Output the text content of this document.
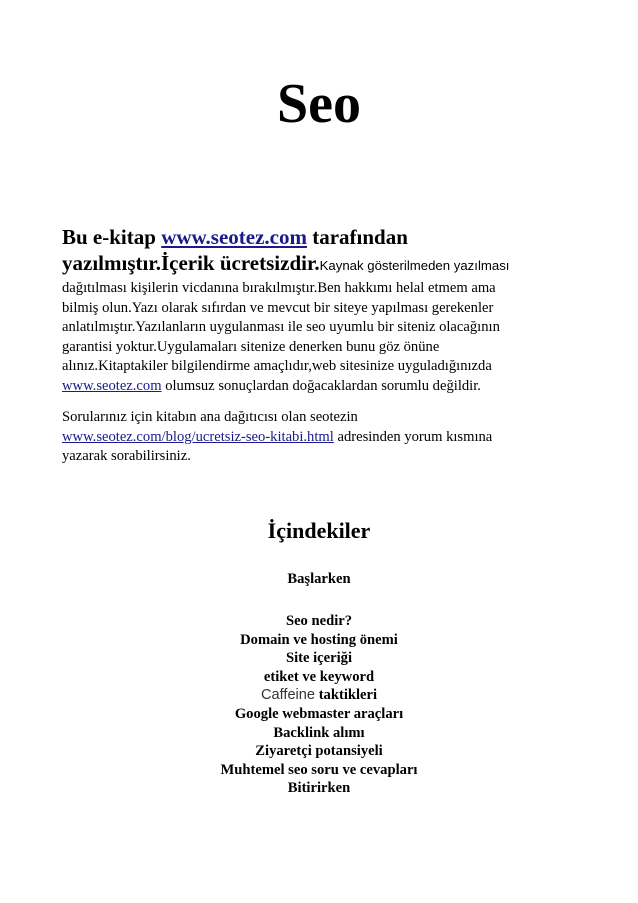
Seo
Bu e-kitap www.seotez.com tarafından
yazılmıştır.İçerik ücretsizdir.Kaynak gösterilmeden yazılması
dağıtılması kişilerin vicdanına bırakılmıştır.Ben hakkımı helal etmem ama
bilmiş olun.Yazı olarak sıfırdan ve mevcut bir siteye yapılması gerekenler
anlatılmıştır.Yazılanların uygulanması ile seo uyumlu bir siteniz olacağının
garantisi yoktur.Uygulamaları sitenize denerken bunu göz önüne
alınız.Kitaptakiler bilgilendirme amaçlıdır,web sitesinize uyguladığınızda
www.seotez.com olumsuz sonuçlardan doğacaklardan sorumlu değildir.
Sorularınız için kitabın ana dağıtıcısı olan seotezin
www.seotez.com/blog/ucretsiz-seo-kitabi.html adresinden yorum kısmına
yazarak sorabilirsiniz.
İçindekiler
Başlarken
Seo nedir?
Domain ve hosting önemi
Site içeriği
etiket ve keyword
Caffeine taktikleri
Google webmaster araçları
Backlink alımı
Ziyaretçi potansiyeli
Muhtemel seo soru ve cevapları
Bitirirken
